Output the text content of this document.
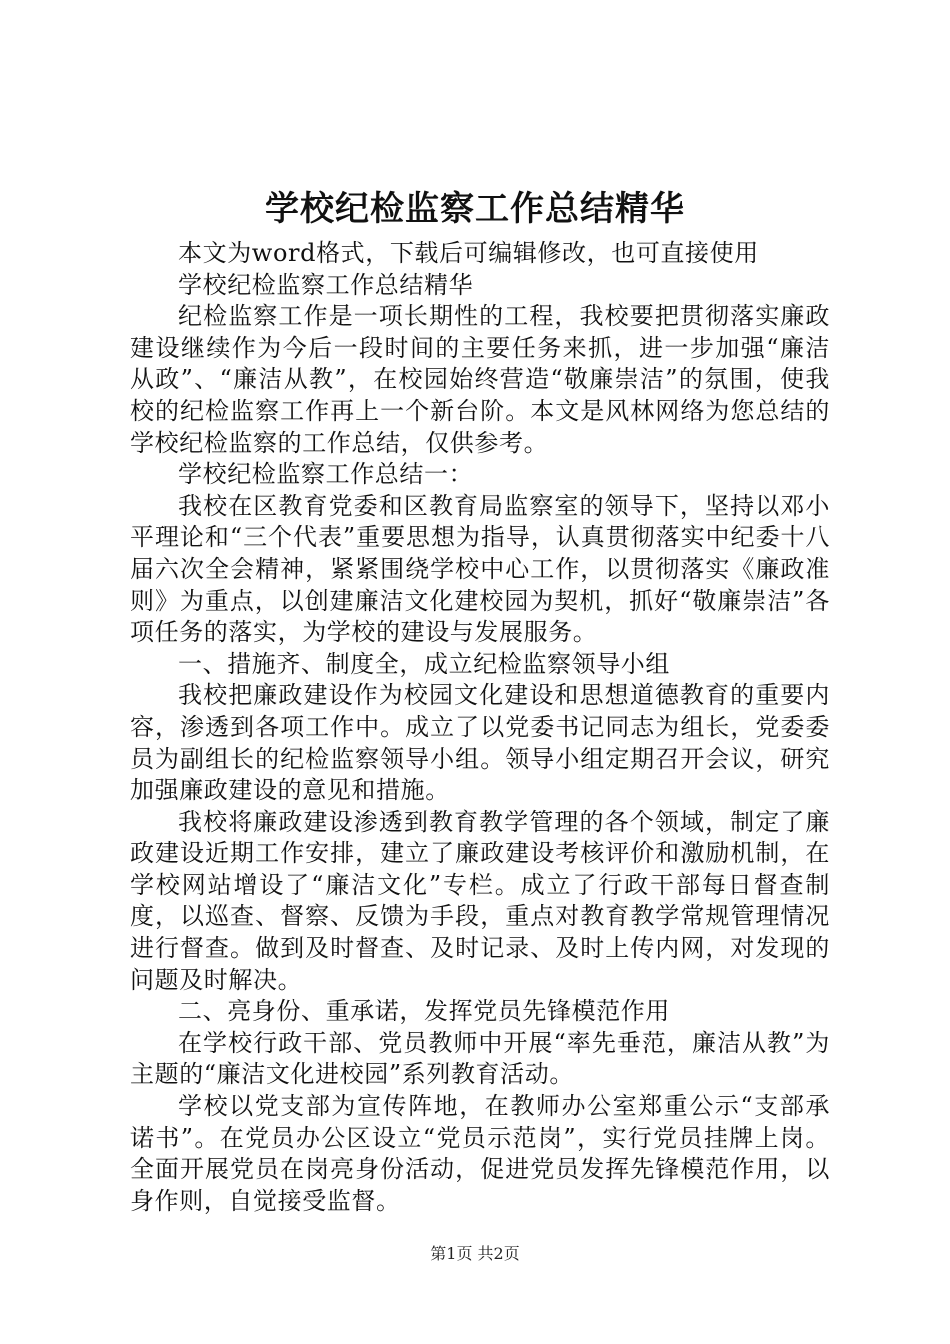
学校纪检监察工作总结精华

本文为word格式，下载后可编辑修改，也可直接使用

学校纪检监察工作总结精华

纪检监察工作是一项长期性的工程，我校要把贯彻落实廉政建设继续作为今后一段时间的主要任务来抓，进一步加强“廉洁从政”、“廉洁从教”，在校园始终营造“敬廉崇洁”的氛围，使我校的纪检监察工作再上一个新台阶。本文是风林网络为您总结的学校纪检监察的工作总结，仅供参考。

学校纪检监察工作总结一：

我校在区教育党委和区教育局监察室的领导下，坚持以邓小平理论和“三个代表”重要思想为指导，认真贯彻落实中纪委十八届六次全会精神，紧紧围绕学校中心工作，以贯彻落实《廉政准则》为重点，以创建廉洁文化建校园为契机，抓好“敬廉崇洁”各项任务的落实，为学校的建设与发展服务。

一、措施齐、制度全，成立纪检监察领导小组

我校把廉政建设作为校园文化建设和思想道德教育的重要内容，渗透到各项工作中。成立了以党委书记同志为组长，党委委员为副组长的纪检监察领导小组。领导小组定期召开会议，研究加强廉政建设的意见和措施。

我校将廉政建设渗透到教育教学管理的各个领域，制定了廉政建设近期工作安排，建立了廉政建设考核评价和激励机制，在学校网站增设了“廉洁文化”专栏。成立了行政干部每日督查制度，以巡查、督察、反馈为手段，重点对教育教学常规管理情况进行督查。做到及时督查、及时记录、及时上传内网，对发现的问题及时解决。

二、亮身份、重承诺，发挥党员先锋模范作用

在学校行政干部、党员教师中开展“率先垂范，廉洁从教”为主题的“廉洁文化进校园”系列教育活动。

学校以党支部为宣传阵地，在教师办公室郑重公示“支部承诺书”。在党员办公区设立“党员示范岗”，实行党员挂牌上岗。全面开展党员在岗亮身份活动，促进党员发挥先锋模范作用，以身作则，自觉接受监督。

第1页 共2页
